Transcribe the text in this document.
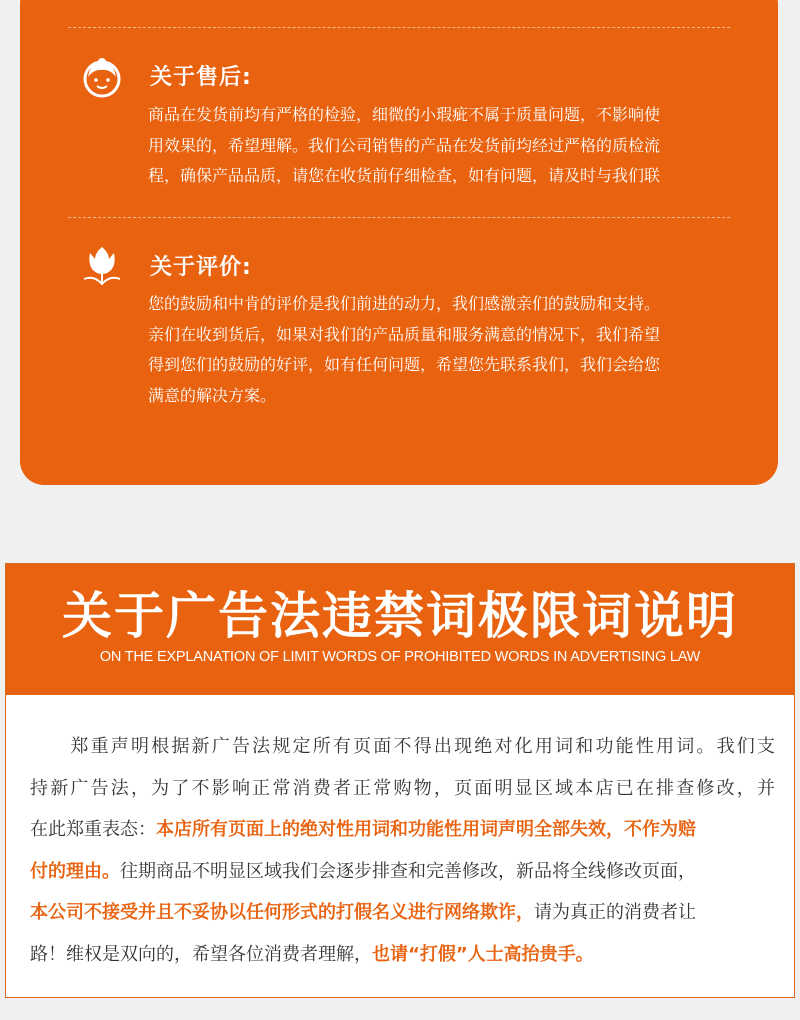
关于售后:

商品在发货前均有严格的检验，细微的小瑕疵不属于质量问题，不影响使

用效果的，希望理解。我们公司销售的产品在发货前均经过严格的质检流

程，确保产品品质，请您在收货前仔细检查，如有问题，请及时与我们联

关于评价:

您的鼓励和中肯的评价是我们前进的动力，我们感激亲们的鼓励和支持。

亲们在收到货后，如果对我们的产品质量和服务满意的情况下，我们希望

得到您们的鼓励的好评，如有任何问题，希望您先联系我们，我们会给您

满意的解决方案。

关于广告法违禁词极限词说明
ON THE EXPLANATION OF LIMIT WORDS OF PROHIBITED WORDS IN ADVERTISING LAW
　　郑重声明根据新广告法规定所有页面不得出现绝对化用词和功能性用词。我们支
持新广告法，为了不影响正常消费者正常购物，页面明显区域本店已在排查修改，并
在此郑重表态：本店所有页面上的绝对性用词和功能性用词声明全部失效，不作为赔
付的理由。往期商品不明显区域我们会逐步排查和完善修改，新品将全线修改页面，
本公司不接受并且不妥协以任何形式的打假名义进行网络欺诈，请为真正的消费者让
路！维权是双向的，希望各位消费者理解，也请“打假”人士高抬贵手。
